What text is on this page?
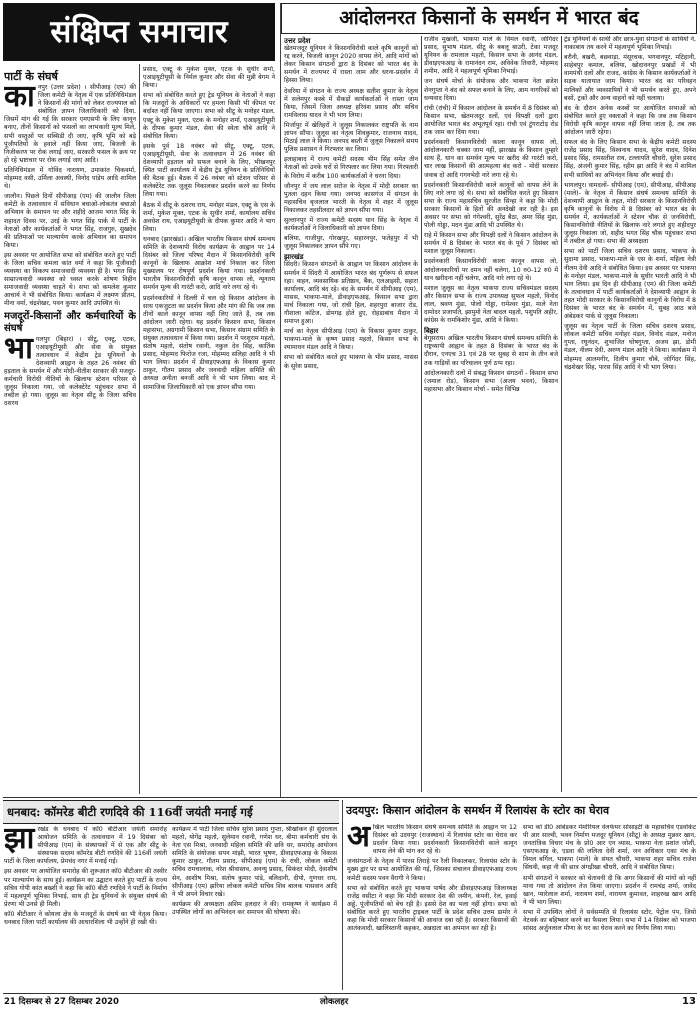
संक्षिप्त समाचार	आंदोलनरत किसानों के समर्थन में भारत बंद
पार्टी के संघर्ष

कानपुर (उत्तर प्रदेश) । सीपीआइ (एम) की जिला कमेटी के नेतृत्व में एक प्रतिनिधिमंडल ने किसानों की मांगों को लेकर राज्यपाल को संबोधित ज्ञापन जिलाधिकारी को दिया, जिसमें मांग की गई कि सरकार एमएसपी के लिए कानून बनाए, तीनों किसानों को फसलों का लाभकारी मूल्य मिले, सभी वस्तुओं पर सब्सिडी दी जाए, कृषि भूमि को बड़े पूंजीपतियों के हवाले नहीं किया जाए, बिजली के निजीकरण पर रोक लगाई जाए, सरकारी फसल के क्रय पर हो रहे भ्रष्टाचार पर रोक लगाई जाए आदि।

प्रतिनिधिमंडल में गोविंद नारायण, उमाकांत चिकवर्मा, मोहम्मद वसी, उर्मिला अवस्थी, विनोद पांडेय आदि शामिल थे।

जालौन। पिछले दिनों सीपीआइ (एम) की जालौन जिला कमेटी के तत्वावधान में संविधान बचाओ-लोकतंत्र बचाओ अभियान के समापन पर और शहीदे आजम भगत सिंह के शहादत दिवस पर, उरई के भगत सिंह पार्क में पार्टी के नेताओं और कार्यकर्ताओं ने भगत सिंह, राजगुरु, सुखदेव की प्रतिमाओं पर माल्यार्पण करके अभियान का समापन किया।

इस अवसर पर आयोजित सभा को संबोधित करते हुए पार्टी के जिला सचिव कमला कांत वर्मा ने कहा कि पूंजीवादी व्यवस्था का विकल्प समाजवादी व्यवस्था ही है। भगत सिंह साम्राज्यवादी व्यवस्था को ध्वस्त करके शोषण विहीन समाजवादी व्यवस्था चाहते थे। सभा को कमलेश कुमार आचार्य ने भी संबोधित किया। कार्यक्रम में लक्ष्मण प्रीतम, मीना वर्मा, चंद्रशेखर, पवन कुमार आदि उपस्थित थे।

मजदूरों-किसानों और कर्मचारियों के संघर्ष

भागलपुर (बिहार) । सीटू, एक्टू, एटक, एआइयूटीयूसी और सेवा के संयुक्त तत्वावधान में केंद्रीय ट्रेड यूनियनों के देशव्यापी आह्वान के तहत 26 नवंबर की हड़ताल के समर्थन में और मोदी-नीतीश सरकार की मजदूर-कर्मचारी विरोधी नीतियों के खिलाफ स्टेशन परिसर से जुलूस निकाला गया, जो कलेक्टेरेट पहुंचकर सभा में तब्दील हो गया। जुलूस का नेतृत्व सीटू के जिला सचिव दशरथ

प्रसाद, एक्टू के मुकेश मुक्त, एटक के सुधीर शर्मा, एआइयूटीयूसी के निर्मल कुमार और सेवा की मुन्नी बेगम ने किया।

सभा को संबोधित करते हुए ट्रेड यूनियन के नेताओं ने कहा कि मजदूरों के अधिकारों पर हमला किसी भी कीमत पर बर्दाश्त नहीं किया जाएगा। सभा को सीटू के मनोहर मंडल, एक्टू के मुकेश मुक्त, एटक के मनोहर शर्मा, एआइयूटीयूसी के दीपक कुमार मंडल, सेवा की स्वेता चौबे आदि ने संबोधित किया।

इसके पूर्व 18 नवंबर को सीटू, एक्टू, एटक, एआइयूटीयूसी, सेवा के तत्वावधान में 26 नवंबर की देशव्यापी हड़ताल को सफल बनाने के लिए, भीखनपुर स्थित पार्टी कार्यालय में केंद्रीय ट्रेड यूनियन के प्रतिनिधियों की बैठक हुई। बैठक में 26 नवंबर को स्टेशन परिसर से कलेक्टेरेट तक जुलूस निकालकर प्रदर्शन करने का निर्णय लिया गया।

बैठक में सीटू के दशरथ राय, मनोहर मंडल, एक्टू के एस के शर्मा, मुकेश मुक्त, एटक के सुधीर शर्मा, कार्यालय सचिव अवधेश राय, एआइयूटीयूसी के दीपक कुमार आदि ने भाग लिया।

धनबाद (झारखंड)। अखिल भारतीय किसान संघर्ष समन्वय समिति के देशव्यापी विरोध कार्यक्रम के आह्वान पर 14 दिसंबर को जिला परिषद मैदान में किसानविरोधी कृषि कानूनों के खिलाफ आक्रोश मार्च निकाल कर जिला मुख्यालय पर रोषपूर्ण प्रदर्शन किया गया। प्रदर्शनकारी भारतीय किसानविरोधी कृषि कानून वापस लो, न्यूनतम समर्थन मूल्य की गारंटी करो, आदि नारे लगा रहे थे।

प्रदर्शनकारियों ने दिल्ली में चल रहे किसान आंदोलन के साथ एकजुटता का प्रदर्शन किया और मांग की कि जब तक तीनों काले कानून वापस नहीं लिए जाते हैं, तब तक आंदोलन जारी रहेगा। यह प्रदर्शन किसान सभा, किसान महासभा, अग्रगामी किसान सभा, किसान संग्राम समिति के संयुक्त तत्वावधान में किया गया। प्रदर्शन में परशुराम महतो, संतोष महतो, संतोष रवानी, नकुल देव सिंह, कार्तिक प्रसाद, मोहम्मद फिरोज रजा, मोहम्मद सलिहा आदि ने भी भाग लिया। प्रदर्शन में डीवाइएफआइ के विकास कुमार ठाकुर, गौतम प्रसाद और जनवादी महिला समिति की अध्यक्ष अनीता बनर्जी आदि ने भी भाग लिया। बाद में सामाजिक जिलाधिकारी को एक ज्ञापन सौंपा गया।

उत्तर प्रदेश

खेतमजदूर यूनियन ने किसानविरोधी काले कृषि कानूनों को रद्द करने, बिजली कानून 2020 वापस लेने, आदि मांगों को लेकर किसान संगठनों द्वारा 8 दिसंबर को भारत बंद के समर्थन में राज्यभर में रास्ता जाम और धरना-प्रदर्शन में हिस्सा लिया।

देवरिया में संगठन के राज्य अध्यक्ष सतीश कुमार के नेतृत्व में सलेमपुर कस्बे में सैकड़ों कार्यकर्ताओं ने रास्ता जाम किया, जिसमें जिला अध्यक्ष हरिवंश प्रसाद और सचिव रामविलास यादव ने भी भाग लिया।

मिर्जापुर में खेतिहरों ने जुलूस निकालकर राष्ट्रपति के नाम ज्ञापन सौंपा। जुलूस का नेतृत्व शिवकुमार, राजनाथ यादव, मिठाई लाल ने किया। जनपद बस्ती में जुलूस निकालने समय पुलिस प्रशासन ने गिरफ्तार कर लिया।

इलाहाबाद में राज्य कमेटी सदस्य भीम सिंह समेत तीन नेताओं को उनके घरों से गिरफ्तार कर लिया गया। गिरफ्तारी के विरोध में करीब 100 कार्यकर्ताओं ने धरना दिया।

जौनपुर में जय लाल सरोज के नेतृत्व में मोदी सरकार का पुतला दहन किया गया। जनपद कासगंज में संगठन के महासचिव बृजलाल भारती के नेतृत्व में शहर में जुलूस निकालकर तहसीलदार को ज्ञापन सौंपा गया।

सुल्तानपुर में राज्य कमेटी सदस्य धान सिंह के नेतृत्व में कार्यकर्ताओं ने जिलाधिकारी को ज्ञापन दिया।

बलिया, गाजीपुर, गोरखपुर, सहारनपुर, फतेहपुर में भी जुलूस निकालकर ज्ञापन सौंपे गए।

झारखंड

सिंदरी। किसान संगठनों के आह्वान पर किसान आंदोलन के समर्थन में सिंदरी में आयोजित भारत बंद पूर्णरूप से सफल रहा। वाहन, व्यवसायिक प्रतिष्ठान, बैंक, एलआइसी, सहारा कार्यालय, आदि बंद रहे। बंद के समर्थन में सीपीआइ (एम), मासस, भाकपा-माले, डीवाइएफआइ, किसान सभा द्वारा मार्च निकाला गया, जो रांची हिल, शहरपुरा बाजार रोड, गौशाला कॉटेज, डोमगढ़ होते हुए, रोहडाबांध मैदान में समाप्त हुआ।

मार्च का नेतृत्व सीपीआइ (एम) के विकास कुमार ठाकुर, भाकपा-माले के कृष्ण प्रसाद महतो, किसान सभा के श्यामाधन मंडल आदि ने किया।

सभा को संबोधित करते हुए भाकपा के भीम प्रसाद, मासस के सुरेश प्रसाद,

राजीव मुखर्जी, भाकपा माले के विमल रवानी, जोगिंदर प्रसाद, सुभाष मंडल, सीटू के बबलू बाउरी, टेका मजदूर यूनियन के रामलाल महतो, किसान सभा के आनंद मंडल, डीवाइएफआइ के रामानंदन राम, अविवेक तिवारी, मोहम्मद शमीम, आदि ने महत्वपूर्ण भूमिका निभाई।

जन संघर्ष मोर्चा के संयोजक और भाकपा नेता ब्रजेश शेनगुप्ता ने बंद को सफल बनाने के लिए, आम नागरिकों को धन्यवाद दिया।

रांची (रांची) में किसान आंदोलन के समर्थन में 8 दिसंबर को किसान सभा, खेतमजदूर दलों, एवं विपक्षी दलों द्वारा आयोजित भारत बंद अभूतपूर्व रहा। रांची एवं टुंगराटोड़ रोड तक जाम कर दिया गया।

प्रदर्शनकारी किसानविरोधी काला कानून वापस लो, आंदोलनकारी चक्का जाम नहीं, झारखंड के किसान तुम्हारे साथ हैं, धान का समर्थन मूल्य पर खरीद की गारंटी करो, चार लाख किसानों की आत्महत्या बंद करो - मोदी सरकार जवाब दो आदि गगनभेदी नारे लगा रहे थे।

प्रदर्शनकारी किसानविरोधी काले कानूनों को वापस लेने के लिए नारे लगा रहे थे। सभा को संबोधित करते हुए किसान सभा के राज्य महासचिव सुरजीत सिन्हा ने कहा कि मोदी सरकार किसानों के हितों की अनदेखी कर रही है। इस अवसर पर सभा को गंगेश्वरी, सुरेंद्र बैठा, अमर सिंह मुंडा, पोली गोड्डा, मदन मुंडा आदि भी उपस्थित थे।

राहे में किसान सभा और विपक्षी दलों ने किसान आंदोलन के समर्थन में 8 दिसंबर के भारत बंद के पूर्व 7 दिसंबर को मशाल जुलूस निकाला।

प्रदर्शनकारी किसानविरोधी काला कानून वापस लो, आंदोलनकारियों पर दमन नहीं चलेगा, 10 रु0-12 रु0 में धान खरीदना नहीं चलेगा, आदि नारे लगा रहे थे।

मशाल जुलूस का नेतृत्व भाकपा राज्य सचिवमंडल सदस्य और किसान सभा के राज्य उपाध्यक्ष सुफल महतो, विनोद लाल, श्रवण मुंडा, पोलो गोड्डा, रामेश्वर मुंडा, माले नेता दामोदर प्रजापति, झामुमो नेता बादल महतो, पशुपति अहीर, कांग्रेस के रामकिशोर मुंडा, आदि ने किया।

बिहार

बेगूसराय। अखिल भारतीय किसान संघर्ष समन्वय समिति के राष्ट्रव्यापी आह्वान के तहत 8 दिसंबर के भारत बंद के दौरान, एनएच 31 एवं 28 पर सुबह से शाम के तीन बजे तक गाड़ियों का परिचालन पूर्ण ठप्प रहा।

आंदोलनकारी दलों में संबद्ध किसान संगठनों - किसान सभा (जमाल रोड), किसान सभा (अजय भवन), किसान महासभा और किसान मोर्चा - समेत विभिन्न

ट्रेड यूनियनों के साथी और छात्र-युवा संगठनों के साथियों ने, नाकाबाय तय करने में महत्वपूर्ण भूमिका निभाई।

बरौनी, बखरी, बछवाड़ा, मंसूरचक, भगवानपुर, मटिहानी, साहेबपुर कमाल, बलिया, खोदावनपुर प्रखंडों में भी वामपंथी दलों और राजद, कांग्रेस के किसान कार्यकर्ताओं ने सड़क यातायात जाम किया। भारत बंद का परिवहन मालिकों और व्यवसायियों ने भी समर्थन करते हुए, अपने बसों, ट्रकों और अन्य वाहनों को नहीं चलाया।

बंद के दौरान अनेक कस्बों पर आयोजित सभाओं को संबोधित करते हुए वक्ताओं ने कहा कि जब तक किसान विरोधी कृषि कानून वापस नहीं लिया जाता है, तब तक आंदोलन जारी रहेगा।

सफल बंद के लिए किसान सभा के केंद्रीय कमेटी सदस्य राजेंद्र प्रसाद सिंह, विश्वनाथ यादव, सुरेश यादव, दिनेश प्रसाद सिंह, रामसतीश राय, टल्लापति चौधरी, सुरेश प्रसाद सिंह, अंजनी कुमार सिंह, रहीम झा आदि ने बंद में शामिल सभी साथियों का अभिनंदन किया और बधाई दी।

भागलपुर। वामदलों- सीपीआइ (एम), सीपीआइ, सीपीआइ (माले)- के नेतृत्व में किसान संघर्ष समन्वय समिति के देशव्यापी आह्वान के तहत, मोदी सरकार के किसानविरोधी कृषि कानूनों के विरोध में 8 दिसंबर को भारत बंद के समर्थन में, कार्यकर्ताओं ने स्टेशन चौक से जनविरोधी, किसानविरोधी नीतियों के खिलाफ नारे लगाते हुए शहीदपुर जुलूस निकाला जो, शहीद भगत सिंह चौक पहुंचकर सभा में तब्दील हो गया। सभा की अध्यक्षता

सभा को पार्टी जिला सचिव दशरथ प्रसाद, भाकपा के सुदामा प्रसाद, भाकपा-माले के एस के शर्मा, महिला नेत्री नीलम देवी आदि ने संबोधित किया। इस अवसर पर भाकपा के मनोहर मंडल, भाकपा-माले के सुधीर भारती आदि ने भी भाग लिया। इस दिन ही सीपीआइ (एम) की जिला कमेटी के तत्वावधान में पार्टी कार्यकर्ताओं ने देशव्यापी आह्वान के तहत मोदी सरकार के किसानविरोधी कानूनों के विरोध में 8 दिसंबर के भारत बंद के समर्थन में, सुबह आठ बजे अंबेडकर पार्क से जुलूस निकाला।

जुलूस का नेतृत्व पार्टी के जिला सचिव दशरथ प्रसाद, लोकल कमेटी सचिव मनोहर मंडल, विनोद मंडल, मनोज गुप्ता, रघुनंदन, शुभाजित घोषगुप्ता, अजय झा, डोमी मंडल, नीलम देवी, अरुण मंडल आदि ने किया। कार्यक्रम में मोहम्मद आलमगीर, दिलीप कुमार चौबे, जोगिंदर सिंह, चंद्रशेखर सिंह, पारस सिंह आदि ने भी भाग लिया।

धनबाद: कॉमरेड बीटी रणदिवे की 116वीं जयंती मनाई गई

झारखंड के धनबाद में कॉ0 बीटीआर जयंती समारोह आयोजन समिति के तत्वावधान में 19 दिसंबर को सीपीआइ (एम) के संस्थापकों में से एक और सीटू के संस्थापक सदस्य कॉमरेड बीटी रणदिवे की 116वीं जयंती पार्टी के जिला कार्यालय, प्रेमचंद नगर में मनाई गई।

इस अवसर पर आयोजित समारोह की शुरूआत कॉ0 बीटीआर की तस्वीर पर माल्यार्पण के साथ हुई। कार्यक्रम का उद्घाटन करते हुए पार्टी के राज्य सचिव गोपी कांत बख्शी ने कहा कि कॉ0 बीटी रणदिवे ने पार्टी के निर्माण में महत्वपूर्ण भूमिका निभाई, साथ ही ट्रेड यूनियनों के संयुक्त संघर्ष की प्रेरणा भी उनसे ही मिली।

कॉ0 बीटीआर ने कोयला क्षेत्र के मजदूरों के संघर्ष का भी नेतृत्व किया। धनबाद जिला पार्टी कार्यालय की आधारशिला भी उन्होंने ही रखी थी।

कार्यक्रम में पार्टी जिला सचिव सुरेश प्रसाद गुप्ता, श्रीखोकन ही सुंदरलाल महतो, योगेंद्र महतो, सुलेमान रवानी, गणेश धर, बीमा कर्मचारी संघ के नेता एस मिश्रा, जनवादी महिला समिति की छवि धर, समारोह आयोजन समिति के संयोजक सपन मांझी, भारत भूषण, डीवाइएफआइ के विकास कुमार ठाकुर, गौतम प्रसाद, सीपीआइ (एम) के रांची, लोकल कमेटी सचिव रामचालाक, नरेश श्रीवास्तव, अनन्यु प्रसाद, सिकंदर मोदी, देवाशीष सेन, आशीष मिश्रा, संतोष कुमार पांडे, बलिदानी, दीपो, गुणधर राय, सीपीआइ (एम) झरिया लोकल कमेटी सचिव शिव बालक पासवान आदि ने भी अपने विचार रखे।

कार्यक्रम की अध्यक्षता अशिम हलदार ने की। रामकृष्ण ने कार्यक्रम में उपस्थित लोगों का अभिनंदन कर समापन की घोषणा की।

उदयपुर: किसान आंदोलन के समर्थन में रिलायंस के स्टोर का घेराव

अखिल भारतीय किसान संघर्ष समन्वय समिति के आह्वान पर 12 दिसंबर को उदयपुर (राजस्थान) में रिलायंस स्टोर का घेराव कर प्रदर्शन किया गया। प्रदर्शनकारी किसानविरोधी काले कानून वापस लेने की मांग कर रहे थे।

जनसंगठनों के नेतृत्व में पारस तिराहे पर रैली निकालकर, रिलायंस स्टोर के मुख्य द्वार पर सभा आयोजित की गई, जिसका संचालन डीवाइएफआइ राज्य कमेटी सदस्य पवन वैरागी ने किया।

सभा को संबोधित करते हुए भाकपा पार्षद और डीवाइएफआइ जिलाध्यक्ष राजेंद्र वसीटा ने कहा कि मोदी सरकार देश की जमीन, कंपनी, रेल, हवाई अड्डे, पूंजीपतियों को बेच रही है। इससे देश का भला नहीं होगा। सभा को संबोधित करते हुए भारतीय ट्राइबल पार्टी के प्रदेश सचिव उत्तम डामोर ने कहा कि मोदी सरकार किसानों की आवाज दबा रही है। सरकार किसानों की आतंकवादी, खालिस्तानी कहकर, अन्नदाता का अपमान कर रही है।

सभा को डी0 आंबेडकर मेमोरियल वेलफेयर सोसाइटी के महासचिव एडवोकेट पी आर साल्वी, भवन निर्माण मजदूर यूनियन (सीटू) के अध्यक्ष मुन्नवर खान, जनतांत्रिक विचार मंच के प्रो0 आर एन व्यास, भाकपा नेता प्रशांत जोशी, एसएफआइ के, एडवा की ललिता देवी शर्मा, जन अधिकार एका मंच के विमल बर्गिल, भाकपा (माले) के संयत चौधरी, भाकपा शहर सचिव राजेश सिंघवी, कहा नी की छात्र अंगड़ीखा चौधरी, आदि ने संबोधित किया।

सभी संगठनों ने सरकार को चेतावनी दी कि अगर किसानों की मांगों को नहीं माना गया तो आंदोलन तेज किया जाएगा। प्रदर्शन में रामचंद्र शर्मा, जावेद खान, प्यारेलाल शर्मा, नारायण शर्मा, नारायण कुमावत, शाहरुख खान आदि ने भी भाग लिया।

सभा में उपस्थित लोगों ने सर्वसम्मति से रिलायंस स्टोर, पेट्रोल पंप, जियो नेटवर्क का बहिष्कार करने का फैसला लिया। सभा में 14 दिसंबर को भाजपा सांसद अर्जुनलाल मीणा के घर का घेराव करने का निर्णय लिया गया।

21 दिसम्बर से 27 दिसम्बर 2020	लोकलहर	13
